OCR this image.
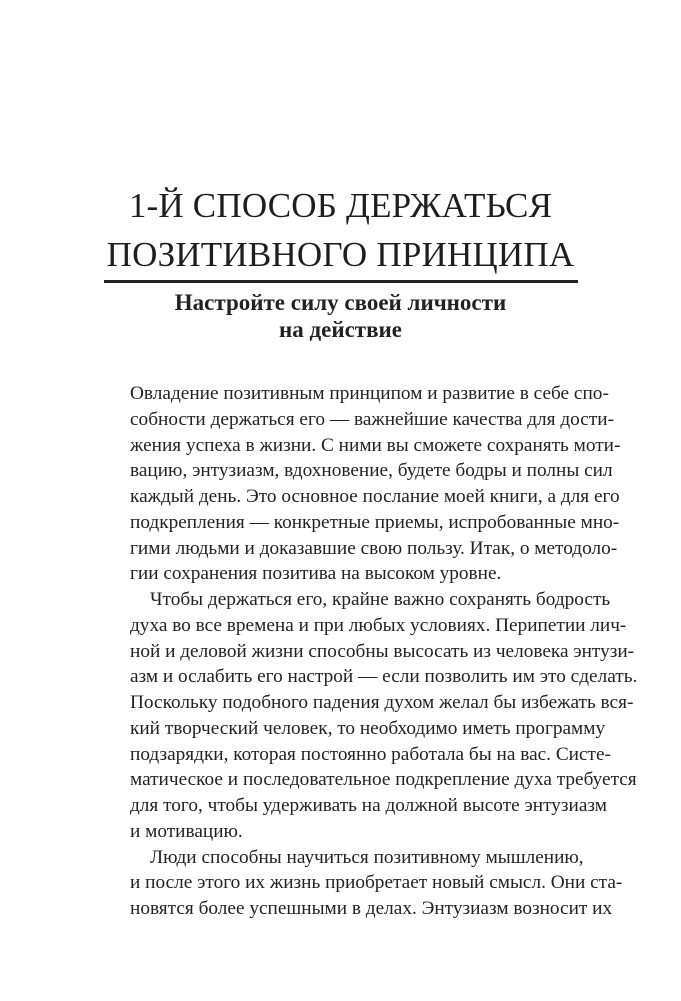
1-Й СПОСОБ ДЕРЖАТЬСЯ
ПОЗИТИВНОГО ПРИНЦИПА
Настройте силу своей личности
на действие
Овладение позитивным принципом и развитие в себе спо-
собности держаться его — важнейшие качества для дости-
жения успеха в жизни. С ними вы сможете сохранять моти-
вацию, энтузиазм, вдохновение, будете бодры и полны сил
каждый день. Это основное послание моей книги, а для его
подкрепления — конкретные приемы, испробованные мно-
гими людьми и доказавшие свою пользу. Итак, о методоло-
гии сохранения позитива на высоком уровне.
Чтобы держаться его, крайне важно сохранять бодрость
духа во все времена и при любых условиях. Перипетии лич-
ной и деловой жизни способны высосать из человека энтузи-
азм и ослабить его настрой — если позволить им это сделать.
Поскольку подобного падения духом желал бы избежать вся-
кий творческий человек, то необходимо иметь программу
подзарядки, которая постоянно работала бы на вас. Систе-
матическое и последовательное подкрепление духа требуется
для того, чтобы удерживать на должной высоте энтузиазм
и мотивацию.
Люди способны научиться позитивному мышлению,
и после этого их жизнь приобретает новый смысл. Они ста-
новятся более успешными в делах. Энтузиазм возносит их
